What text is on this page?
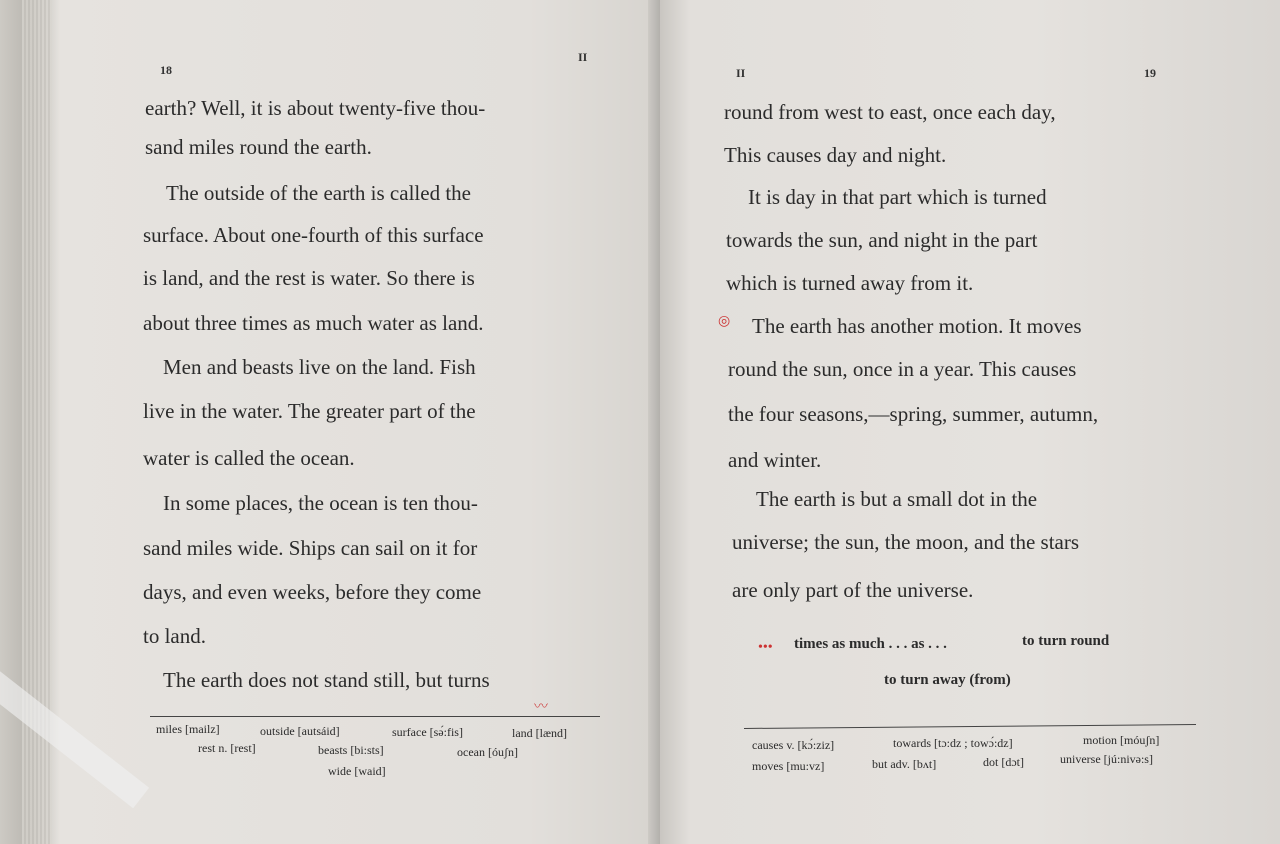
18
II
earth? Well, it is about twenty-five thou-
sand miles round the earth.
The outside of the earth is called the
surface. About one-fourth of this surface
is land, and the rest is water. So there is
about three times as much water as land.
Men and beasts live on the land. Fish
live in the water. The greater part of the
water is called the ocean.
In some places, the ocean is ten thou-
sand miles wide. Ships can sail on it for
days, and even weeks, before they come
to land.
The earth does not stand still, but turns
〰
miles [mailz]	outside [autsáid]	surface [sə́:fis]	land [lænd]
rest n. [rest]	beasts [bi:sts]	ocean [óuʃn]
wide [waid]
II	19
round from west to east, once each day,
This causes day and night.
It is day in that part which is turned
towards the sun, and night in the part
which is turned away from it.
◎ The earth has another motion. It moves
round the sun, once in a year. This causes
the four seasons,—spring, summer, autumn,
and winter.
The earth is but a small dot in the
universe; the sun, the moon, and the stars
are only part of the universe.
••• times as much . . . as . . .	to turn round
to turn away (from)
causes v. [kɔ́:ziz]	towards [tɔ:dz ; towɔ́:dz]	motion [móuʃn]
moves [mu:vz]	but adv. [bʌt]	dot [dɔt]	universe [jú:nivə:s]
